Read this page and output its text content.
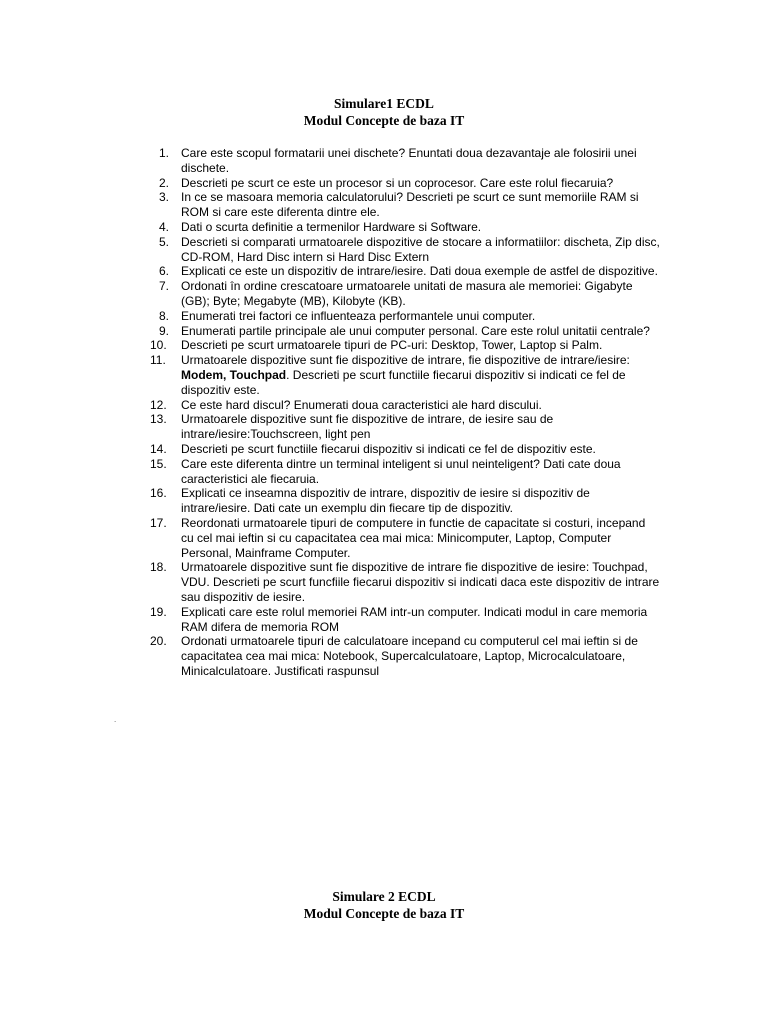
Simulare1 ECDL
Modul Concepte de baza IT
1. Care este scopul formatarii unei dischete? Enuntati doua dezavantaje ale folosirii unei dischete.
2. Descrieti pe scurt ce este un procesor si un coprocesor. Care este rolul fiecaruia?
3. In ce se masoara memoria calculatorului? Descrieti pe scurt ce sunt memoriile RAM si ROM si care este diferenta dintre ele.
4. Dati o scurta definitie a termenilor Hardware si Software.
5. Descrieti si comparati urmatoarele dispozitive de stocare a informatiilor: discheta, Zip disc, CD-ROM, Hard Disc intern si Hard Disc Extern
6. Explicati ce este un dispozitiv de intrare/iesire. Dati doua exemple de astfel de dispozitive.
7. Ordonati în ordine crescatoare urmatoarele unitati de masura ale memoriei: Gigabyte (GB); Byte; Megabyte (MB), Kilobyte (KB).
8. Enumerati trei factori ce influenteaza performantele unui computer.
9. Enumerati partile principale ale unui computer personal. Care este rolul unitatii centrale?
10. Descrieti pe scurt urmatoarele tipuri de PC-uri: Desktop, Tower, Laptop si Palm.
11. Urmatoarele dispozitive sunt fie dispozitive de intrare, fie dispozitive de intrare/iesire: Modem, Touchpad. Descrieti pe scurt functiile fiecarui dispozitiv si indicati ce fel de dispozitiv este.
12. Ce este hard discul? Enumerati doua caracteristici ale hard discului.
13. Urmatoarele dispozitive sunt fie dispozitive de intrare, de iesire sau de intrare/iesire:Touchscreen, light pen
14. Descrieti pe scurt functiile fiecarui dispozitiv si indicati ce fel de dispozitiv este.
15. Care este diferenta dintre un terminal inteligent si unul neinteligent? Dati cate doua caracteristici ale fiecaruia.
16. Explicati ce inseamna dispozitiv de intrare, dispozitiv de iesire si dispozitiv de intrare/iesire. Dati cate un exemplu din fiecare tip de dispozitiv.
17. Reordonati urmatoarele tipuri de computere in functie de capacitate si costuri, incepand cu cel mai ieftin si cu capacitatea cea mai mica: Minicomputer, Laptop, Computer Personal, Mainframe Computer.
18. Urmatoarele dispozitive sunt fie dispozitive de intrare fie dispozitive de iesire: Touchpad, VDU. Descrieti pe scurt funcfiile fiecarui dispozitiv si indicati daca este dispozitiv de intrare sau dispozitiv de iesire.
19. Explicati care este rolul memoriei RAM intr-un computer. Indicati modul in care memoria RAM difera de memoria ROM
20. Ordonati urmatoarele tipuri de calculatoare incepand cu computerul cel mai ieftin si de capacitatea cea mai mica: Notebook, Supercalculatoare, Laptop, Microcalculatoare, Minicalculatoare. Justificati raspunsul
.
Simulare 2 ECDL
Modul Concepte de baza IT
